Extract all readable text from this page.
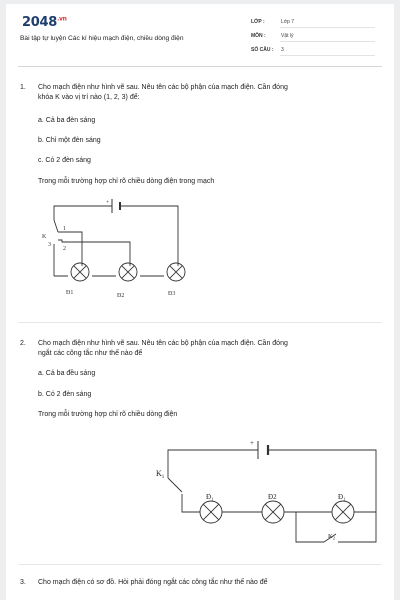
$2048^{.vn}$
Bài tập tự luyện Các kí hiệu mạch điện, chiều dòng điện
LỚP :	Lớp 7
MÔN :	Vật lý
SỐ CÂU : 3
1. Cho mạch điện như hình vẽ sau. Nêu tên các bộ phận của mạch điện. Cần đóng
khóa K vào vị trí nào (1, 2, 3) để:
a. Cả ba đèn sáng
b. Chỉ một đèn sáng
c. Có 2 đèn sáng
Trong mỗi trường hợp chỉ rõ chiều dòng điện trong mạch
+
K
1
2
3
Đ1	Đ2	Đ3
2. Cho mạch điện như hình vẽ sau. Nêu tên các bộ phận của mạch điện. Cần đóng
ngắt các công tắc như thế nào để
a. Cả ba đều sáng
b. Có 2 đèn sáng
Trong mỗi trường hợp chỉ rõ chiều dòng điện
+
$K_1$
$K_2$
$Đ_1$	Đ2	$Đ_1$
3. Cho mạch điện có sơ đồ. Hỏi phải đóng ngắt các công tắc như thế nào để
